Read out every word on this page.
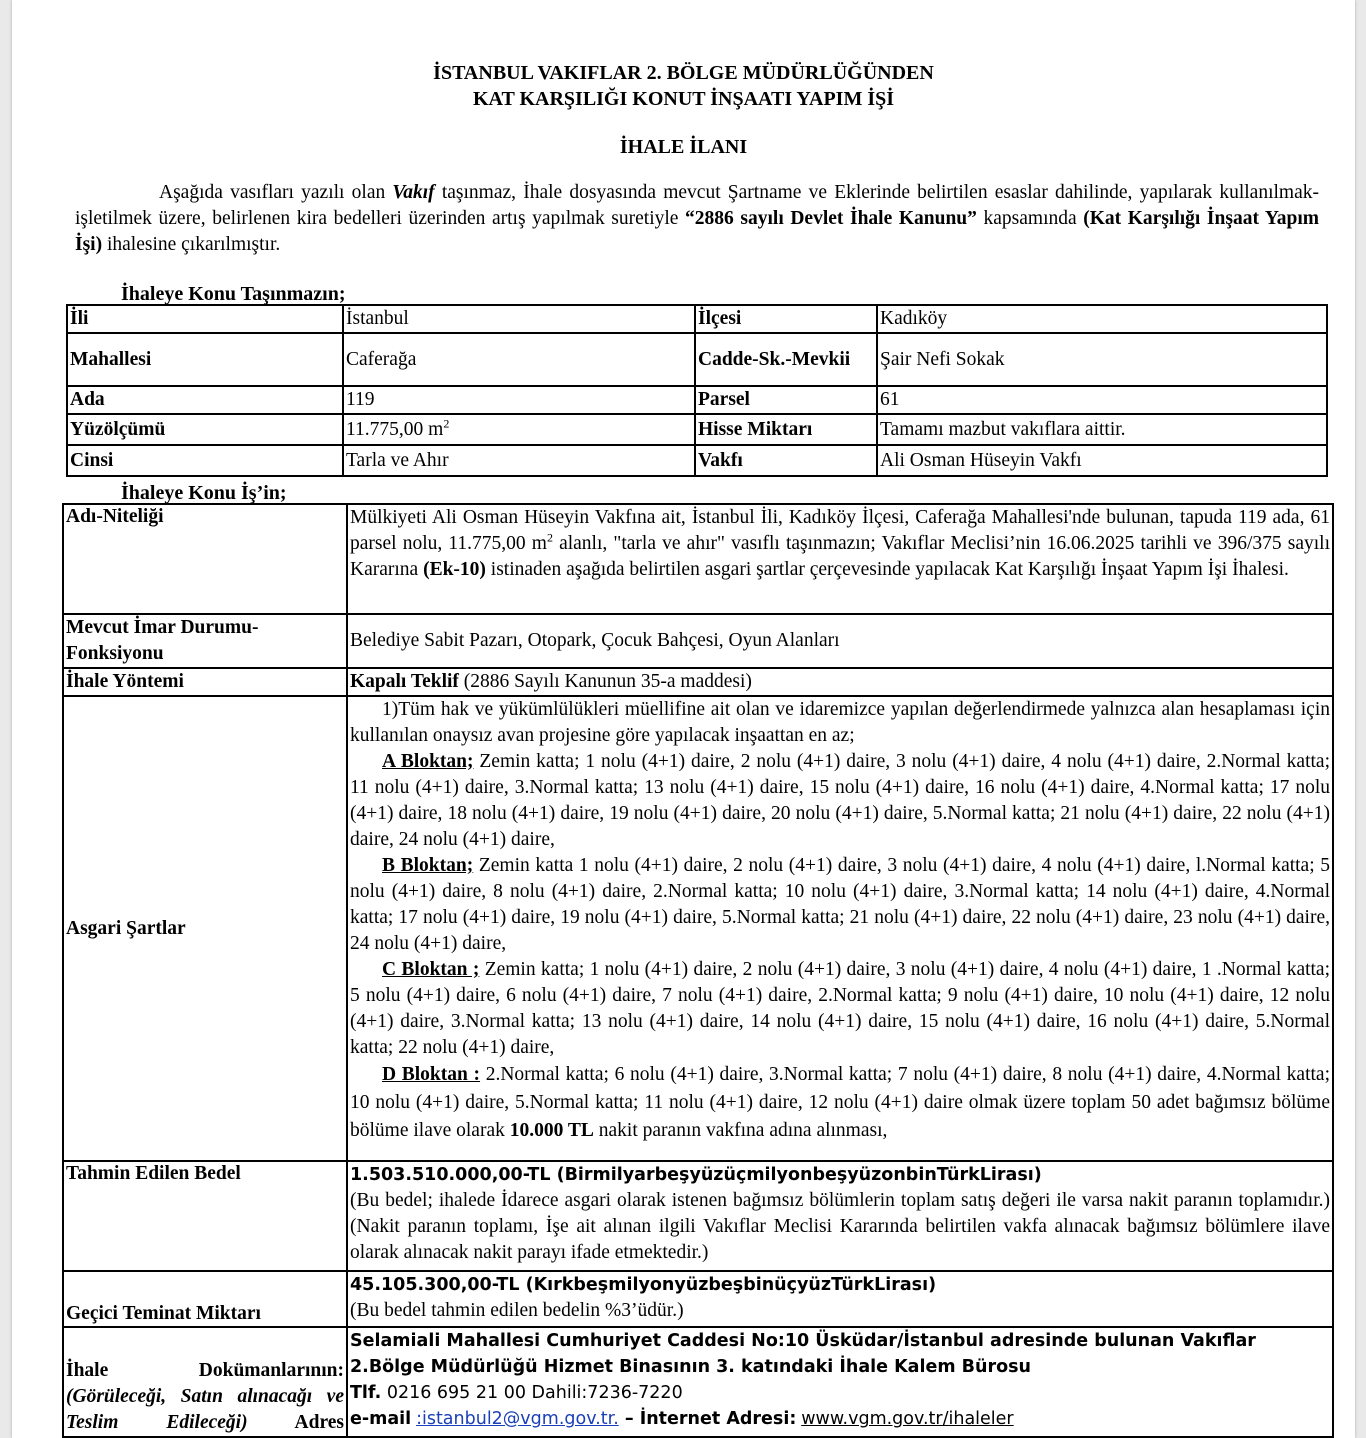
İSTANBUL VAKIFLAR 2. BÖLGE MÜDÜRLÜĞÜNDEN
KAT KARŞILIĞI KONUT İNŞAATI YAPIM İŞİ
İHALE İLANI
Aşağıda vasıfları yazılı olan Vakıf taşınmaz, İhale dosyasında mevcut Şartname ve Eklerinde belirtilen esaslar dahilinde, yapılarak kullanılmak-işletilmek üzere, belirlenen kira bedelleri üzerinden artış yapılmak suretiyle “2886 sayılı Devlet İhale Kanunu” kapsamında (Kat Karşılığı İnşaat Yapım İşi) ihalesine çıkarılmıştır.
İhaleye Konu Taşınmazın;
İli	İstanbul	İlçesi	Kadıköy
Mahallesi	Caferağa	Cadde-Sk.-Mevkii	Şair Nefi Sokak
Ada	119	Parsel	61
Yüzölçümü	11.775,00 $m^2$	Hisse Miktarı	Tamamı mazbut vakıflara aittir.
Cinsi	Tarla ve Ahır	Vakfı	Ali Osman Hüseyin Vakfı
İhaleye Konu İş’in;
Adı-Niteliği	Mülkiyeti Ali Osman Hüseyin Vakfına ait, İstanbul İli, Kadıköy İlçesi, Caferağa Mahallesi'nde bulunan, tapuda 119 ada, 61 parsel nolu, 11.775,00 $m^2$ alanlı, "tarla ve ahır" vasıflı taşınmazın; Vakıflar Meclisi’nin 16.06.2025 tarihli ve 396/375 sayılı Kararına (Ek-10) istinaden aşağıda belirtilen asgari şartlar çerçevesinde yapılacak Kat Karşılığı İnşaat Yapım İşi İhalesi.
Mevcut İmar Durumu-Fonksiyonu	Belediye Sabit Pazarı, Otopark, Çocuk Bahçesi, Oyun Alanları
İhale Yöntemi	Kapalı Teklif (2886 Sayılı Kanunun 35-a maddesi)
Asgari Şartlar	1)Tüm hak ve yükümlülükleri müellifine ait olan ve idaremizce yapılan değerlendirmede yalnızca alan hesaplaması için kullanılan onaysız avan projesine göre yapılacak inşaattan en az;
A Bloktan; Zemin katta; 1 nolu (4+1) daire, 2 nolu (4+1) daire, 3 nolu (4+1) daire, 4 nolu (4+1) daire, 2.Normal katta; 11 nolu (4+1) daire, 3.Normal katta; 13 nolu (4+1) daire, 15 nolu (4+1) daire, 16 nolu (4+1) daire, 4.Normal katta; 17 nolu (4+1) daire, 18 nolu (4+1) daire, 19 nolu (4+1) daire, 20 nolu (4+1) daire, 5.Normal katta; 21 nolu (4+1) daire, 22 nolu (4+1) daire, 24 nolu (4+1) daire,
B Bloktan; Zemin katta 1 nolu (4+1) daire, 2 nolu (4+1) daire, 3 nolu (4+1) daire, 4 nolu (4+1) daire, l.Normal katta; 5 nolu (4+1) daire, 8 nolu (4+1) daire, 2.Normal katta; 10 nolu (4+1) daire, 3.Normal katta; 14 nolu (4+1) daire, 4.Normal katta; 17 nolu (4+1) daire, 19 nolu (4+1) daire, 5.Normal katta; 21 nolu (4+1) daire, 22 nolu (4+1) daire, 23 nolu (4+1) daire, 24 nolu (4+1) daire,
C Bloktan ; Zemin katta; 1 nolu (4+1) daire, 2 nolu (4+1) daire, 3 nolu (4+1) daire, 4 nolu (4+1) daire, 1 .Normal katta; 5 nolu (4+1) daire, 6 nolu (4+1) daire, 7 nolu (4+1) daire, 2.Normal katta; 9 nolu (4+1) daire, 10 nolu (4+1) daire, 12 nolu (4+1) daire, 3.Normal katta; 13 nolu (4+1) daire, 14 nolu (4+1) daire, 15 nolu (4+1) daire, 16 nolu (4+1) daire, 5.Normal katta; 22 nolu (4+1) daire,
D Bloktan : 2.Normal katta; 6 nolu (4+1) daire, 3.Normal katta; 7 nolu (4+1) daire, 8 nolu (4+1) daire, 4.Normal katta; 10 nolu (4+1) daire, 5.Normal katta; 11 nolu (4+1) daire, 12 nolu (4+1) daire olmak üzere toplam 50 adet bağımsız bölüme bölüme ilave olarak 10.000 TL nakit paranın vakfına adına alınması,

Tahmin Edilen Bedel	1.503.510.000,00-TL (BirmilyarbeşyüzüçmilyonbeşyüzonbinTürkLirası)
(Bu bedel; ihalede İdarece asgari olarak istenen bağımsız bölümlerin toplam satış değeri ile varsa nakit paranın toplamıdır.) (Nakit paranın toplamı, İşe ait alınan ilgili Vakıflar Meclisi Kararında belirtilen vakfa alınacak bağımsız bölümlere ilave olarak alınacak nakit parayı ifade etmektedir.)
Geçici Teminat Miktarı	45.105.300,00-TL (KırkbeşmilyonyüzbeşbinüçyüzTürkLirası)
(Bu bedel tahmin edilen bedelin %3’üdür.)
İhale Dokümanlarının: (Görüleceği, Satın alınacağı ve Teslim Edileceği) Adres	Selamiali Mahallesi Cumhuriyet Caddesi No:10 Üsküdar/İstanbul adresinde bulunan Vakıflar 2.Bölge Müdürlüğü Hizmet Binasının 3. katındaki İhale Kalem Bürosu
Tlf. 0216 695 21 00 Dahili:7236-7220
e-mail :istanbul2@vgm.gov.tr. – İnternet Adresi: www.vgm.gov.tr/ihaleler
